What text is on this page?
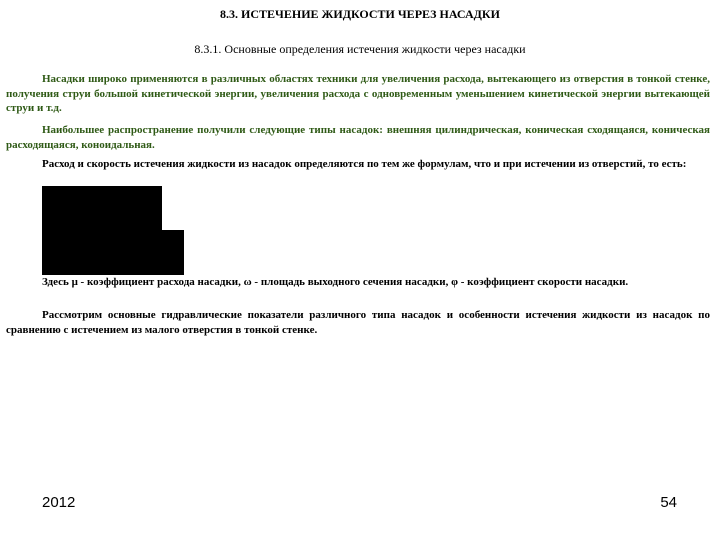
8.3. ИСТЕЧЕНИЕ ЖИДКОСТИ ЧЕРЕЗ НАСАДКИ
8.3.1. Основные определения истечения жидкости через насадки
Насадки широко применяются в различных областях техники для увеличения расхода, вытекающего из отверстия в тонкой стенке, получения струи большой кинетической энергии, увеличения расхода с одновременным уменьшением кинетической энергии вытекающей струи и т.д.
Наибольшее распространение получили следующие типы насадок: внешняя цилиндрическая, коническая сходящаяся, коническая расходящаяся, коноидальная.
Расход и скорость истечения жидкости из насадок определяются по тем же формулам, что и при истечении из отверстий, то есть:
Здесь μ - коэффициент расхода насадки, ω - площадь выходного сечения насадки, φ - коэффициент скорости насадки.
Рассмотрим основные гидравлические показатели различного типа насадок и особенности истечения жидкости из насадок по сравнению с истечением из малого отверстия в тонкой стенке.
2012	54
